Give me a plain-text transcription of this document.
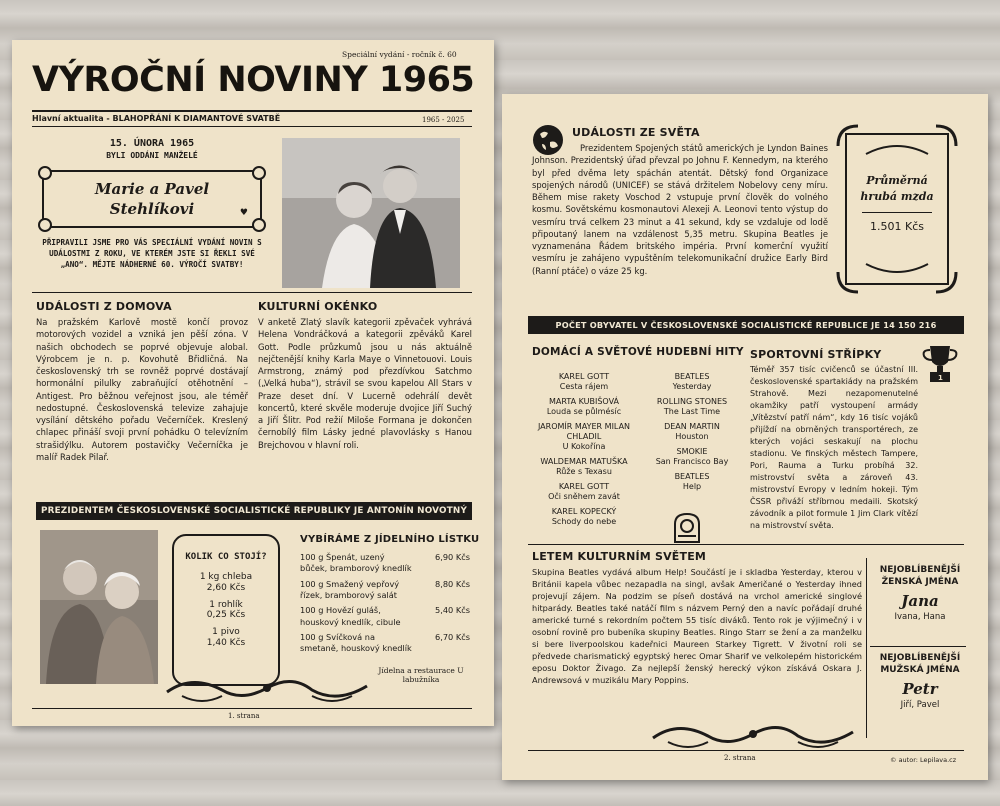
Speciální vydání - ročník č. 60
VÝROČNÍ NOVINY 1965
Hlavní aktualita - BLAHOPŘÁNÍ K DIAMANTOVÉ SVATBĚ	1965 - 2025
15. ÚNORA 1965
BYLI ODDÁNI MANŽELÉ
Marie a Pavel
Stehlíkovi	♥
PŘIPRAVILI JSME PRO VÁS SPECIÁLNÍ VYDÁNÍ NOVIN S UDÁLOSTMI Z ROKU, VE KTERÉM JSTE SI ŘEKLI SVÉ „ANO“. MĚJTE NÁDHERNÉ 60. VÝROČÍ SVATBY!
UDÁLOSTI Z DOMOVA
Na pražském Karlově mostě končí provoz motorových vozidel a vzniká jen pěší zóna. V našich obchodech se poprvé objevuje alobal. Výrobcem je n. p. Kovohutě Břidličná. Na československý trh se rovněž poprvé dostávají hormonální pilulky zabraňující otěhotnění – Antigest. Pro běžnou veřejnost jsou, ale téměř nedostupné. Československá televize zahajuje vysílání dětského pořadu Večerníček. Kreslený chlapec přináší svoji první pohádku O televízním strašidýlku. Autorem postavičky Večerníčka je malíř Radek Pilař.
KULTURNÍ OKÉNKO
V anketě Zlatý slavík kategorii zpěvaček vyhrává Helena Vondráčková a kategorii zpěváků Karel Gott. Podle průzkumů jsou u nás aktuálně nejčtenější knihy Karla Maye o Vinnetouovi. Louis Armstrong, známý pod přezdívkou Satchmo („Velká huba“), strávil se svou kapelou All Stars v Praze deset dní. V Lucerně odehrálí devět koncertů, které skvěle moderuje dvojice Jiří Suchý a Jiří Šlitr. Pod režií Miloše Formana je dokončen černobílý film Lásky jedné plavovlásky s Hanou Brejchovou v hlavní roli.
PREZIDENTEM ČESKOSLOVENSKÉ SOCIALISTICKÉ REPUBLIKY JE ANTONÍN NOVOTNÝ
KOLIK CO STOJÍ?
1 kg chleba
2,60 Kčs
1 rohlík
0,25 Kčs
1 pivo
1,40 Kčs
VYBÍRÁME Z JÍDELNÍHO LÍSTKU
100 g Špenát, uzený bůček, bramborový knedlík
6,90 Kčs
100 g Smažený vepřový řízek, bramborový salát
8,80 Kčs
100 g Hovězí guláš, houskový knedlík, cibule
5,40 Kčs
100 g Svíčková na smetaně, houskový knedlík
6,70 Kčs
Jídelna a restaurace U labužníka
1. strana
UDÁLOSTI ZE SVĚTA
Prezidentem Spojených států amerických je Lyndon Baines Johnson. Prezidentský úřad převzal po Johnu F. Kennedym, na kterého byl před dvěma lety spáchán atentát. Dětský fond Organizace spojených národů (UNICEF) se stává držitelem Nobelovy ceny míru. Během mise rakety Voschod 2 vstupuje první člověk do volného kosmu. Sovětskému kosmonautovi Alexeji A. Leonovi tento výstup do vesmíru trvá celkem 23 minut a 41 sekund, kdy se vzdaluje od lodě připoutaný lanem na vzdálenost 5,35 metru. Skupina Beatles je vyznamenána Řádem britského impéria. První komerční využití vesmíru je zahájeno vypuštěním telekomunikační družice Early Bird (Ranní ptáče) o váze 25 kg.
Průměrná
hrubá mzda
1.501 Kčs
POČET OBYVATEL V ČESKOSLOVENSKÉ SOCIALISTICKÉ REPUBLICE JE 14 150 216
DOMÁCÍ A SVĚTOVÉ HUDEBNÍ HITY
KAREL GOTT
Cesta rájem
MARTA KUBIŠOVÁ
Louda se půlmésíc
JAROMÍR MAYER MILAN CHLADIL
U Kokořína
WALDEMAR MATUŠKA
Růže s Texasu
KAREL GOTT
Oči sněhem zavát
KAREL KOPECKÝ
Schody do nebe
BEATLES
Yesterday
ROLLING STONES
The Last Time
DEAN MARTIN
Houston
SMOKIE
San Francisco Bay
BEATLES
Help
SPORTOVNÍ STŘÍPKY
1
Téměř 357 tisíc cvičenců se účastní III. československé spartakiády na pražském Strahově. Mezi nezapomenutelné okamžiky patří vystoupení armády „Vítězství patří nám“, kdy 16 tisíc vojáků přijíždí na obrněných transportérech, ze kterých vojáci seskakují na plochu stadionu. Ve finských městech Tampere, Pori, Rauma a Turku probíhá 32. mistrovství světa a zároveň 43. mistrovství Evropy v ledním hokeji. Tým ČSSR přiváží stříbrnou medaili. Skotský závodník a pilot formule 1 Jim Clark vítězí na mistrovství světa.
LETEM KULTURNÍM SVĚTEM
Skupina Beatles vydává album Help! Součástí je i skladba Yesterday, kterou v Británii kapela vůbec nezapadla na singl, avšak Američané o Yesterday ihned projevují zájem. Na podzim se píseň dostává na vrchol americké singlové hitparády. Beatles také natáčí film s názvem Perný den a navíc pořádají druhé americké turné s rekordním počtem 55 tisíc diváků. Tento rok je výjimečný i v osobní rovině pro bubeníka skupiny Beatles. Ringo Starr se žení a za manželku si bere liverpoolskou kadeřnici Maureen Starkey Tigrett. V životní roli se předvede charismatický egyptský herec Omar Sharif ve velkolepém historickém eposu Doktor Živago. Za nejlepší ženský herecký výkon získává Oskara J. Andrewsová v muzikálu Mary Poppins.
NEJOBLÍBENĚJŠÍ ŽENSKÁ JMÉNA
Jana
Ivana, Hana
NEJOBLÍBENĚJŠÍ MUŽSKÁ JMÉNA
Petr
Jiří, Pavel
2. strana	© autor: Lepilava.cz
